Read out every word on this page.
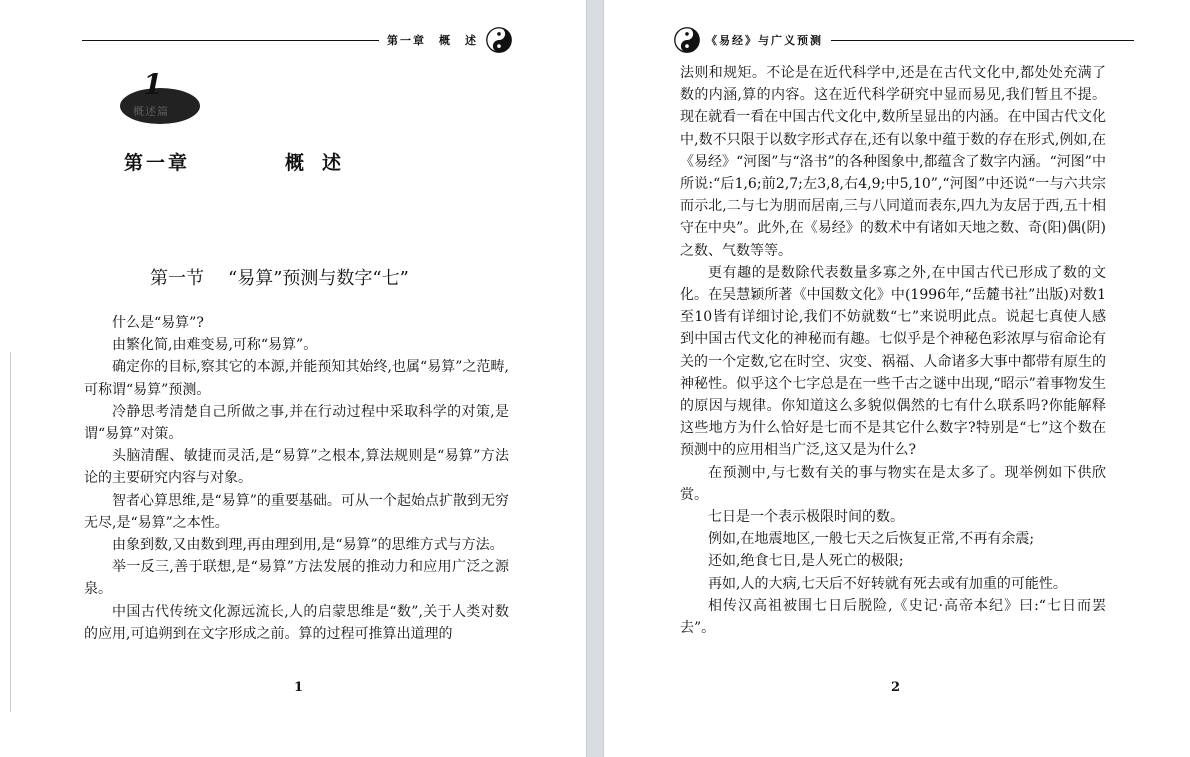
第一章　概　述
1
概述篇
第一章	概述
第一节 “易算”预测与数字“七”

什么是“易算”?

由繁化简,由难变易,可称“易算”。

确定你的目标,察其它的本源,并能预知其始终,也属“易算”之范畴,可称谓“易算”预测。

冷静思考清楚自己所做之事,并在行动过程中采取科学的对策,是谓“易算”对策。

头脑清醒、敏捷而灵活,是“易算”之根本,算法规则是“易算”方法论的主要研究内容与对象。

智者心算思维,是“易算”的重要基础。可从一个起始点扩散到无穷无尽,是“易算”之本性。

由象到数,又由数到理,再由理到用,是“易算”的思维方式与方法。

举一反三,善于联想,是“易算”方法发展的推动力和应用广泛之源泉。

中国古代传统文化源远流长,人的启蒙思维是“数”,关于人类对数的应用,可追朔到在文字形成之前。算的过程可推算出道理的

1
《易经》与广义预测

法则和规矩。不论是在近代科学中,还是在古代文化中,都处处充满了数的内涵,算的内容。这在近代科学研究中显而易见,我们暂且不提。现在就看一看在中国古代文化中,数所呈显出的内涵。在中国古代文化中,数不只限于以数字形式存在,还有以象中蕴于数的存在形式,例如,在《易经》“河图”与“洛书”的各种图象中,都蕴含了数字内涵。“河图”中所说:“后1,6;前2,7;左3,8,右4,9;中5,10”,“河图”中还说“一与六共宗而示北,二与七为朋而居南,三与八同道而表东,四九为友居于西,五十相守在中央”。此外,在《易经》的数术中有诸如天地之数、奇(阳)偶(阴)之数、气数等等。

更有趣的是数除代表数量多寡之外,在中国古代已形成了数的文化。在吴慧颖所著《中国数文化》中(1996年,“岳麓书社”出版)对数1至10皆有详细讨论,我们不妨就数“七”来说明此点。说起七真使人感到中国古代文化的神秘而有趣。七似乎是个神秘色彩浓厚与宿命论有关的一个定数,它在时空、灾变、祸福、人命诸多大事中都带有原生的神秘性。似乎这个七字总是在一些千古之谜中出现,“昭示”着事物发生的原因与规律。你知道这么多貌似偶然的七有什么联系吗?你能解释这些地方为什么恰好是七而不是其它什么数字?特别是“七”这个数在预测中的应用相当广泛,这又是为什么?

在预测中,与七数有关的事与物实在是太多了。现举例如下供欣赏。

七日是一个表示极限时间的数。

例如,在地震地区,一般七天之后恢复正常,不再有余震;

还如,绝食七日,是人死亡的极限;

再如,人的大病,七天后不好转就有死去或有加重的可能性。

相传汉高祖被围七日后脱险,《史记·高帝本纪》曰:“七日而罢去”。

2
